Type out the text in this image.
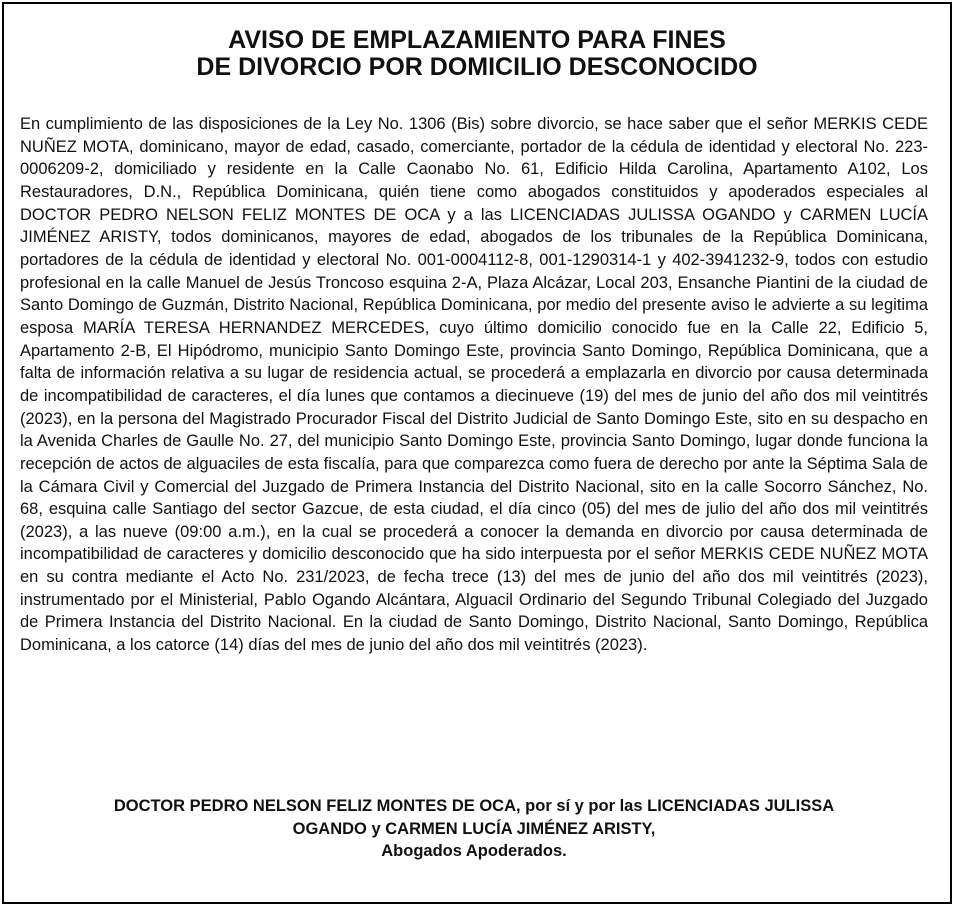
AVISO DE EMPLAZAMIENTO PARA FINES
DE DIVORCIO POR DOMICILIO DESCONOCIDO

En cumplimiento de las disposiciones de la Ley No. 1306 (Bis) sobre divorcio, se hace saber que el señor MERKIS CEDE NUÑEZ MOTA, dominicano, mayor de edad, casado, comerciante, portador de la cédula de identidad y electoral No. 223-0006209-2, domiciliado y residente en la Calle Caonabo No. 61, Edificio Hilda Carolina, Apartamento A102, Los Restauradores, D.N., República Dominicana, quién tiene como abogados constituidos y apoderados especiales al DOCTOR PEDRO NELSON FELIZ MONTES DE OCA y a las LICENCIADAS JULISSA OGANDO y CARMEN LUCÍA JIMÉNEZ ARISTY, todos dominicanos, mayores de edad, abogados de los tribunales de la República Dominicana, portadores de la cédula de identidad y electoral No. 001-0004112-8, 001-1290314-1 y 402-3941232-9, todos con estudio profesional en la calle Manuel de Jesús Troncoso esquina 2-A, Plaza Alcázar, Local 203, Ensanche Piantini de la ciudad de Santo Domingo de Guzmán, Distrito Nacional, República Dominicana, por medio del presente aviso le advierte a su legitima esposa MARÍA TERESA HERNANDEZ MERCEDES, cuyo último domicilio conocido fue en la Calle 22, Edificio 5, Apartamento 2-B, El Hipódromo, municipio Santo Domingo Este, provincia Santo Domingo, República Dominicana, que a falta de información relativa a su lugar de residencia actual, se procederá a emplazarla en divorcio por causa determinada de incompatibilidad de caracteres, el día lunes que contamos a diecinueve (19) del mes de junio del año dos mil veintitrés (2023), en la persona del Magistrado Procurador Fiscal del Distrito Judicial de Santo Domingo Este, sito en su despacho en la Avenida Charles de Gaulle No. 27, del municipio Santo Domingo Este, provincia Santo Domingo, lugar donde funciona la recepción de actos de alguaciles de esta fiscalía, para que comparezca como fuera de derecho por ante la Séptima Sala de la Cámara Civil y Comercial del Juzgado de Primera Instancia del Distrito Nacional, sito en la calle Socorro Sánchez, No. 68, esquina calle Santiago del sector Gazcue, de esta ciudad, el día cinco (05) del mes de julio del año dos mil veintitrés (2023), a las nueve (09:00 a.m.), en la cual se procederá a conocer la demanda en divorcio por causa determinada de incompatibilidad de caracteres y domicilio desconocido que ha sido interpuesta por el señor MERKIS CEDE NUÑEZ MOTA en su contra mediante el Acto No. 231/2023, de fecha trece (13) del mes de junio del año dos mil veintitrés (2023), instrumentado por el Ministerial, Pablo Ogando Alcántara, Alguacil Ordinario del Segundo Tribunal Colegiado del Juzgado de Primera Instancia del Distrito Nacional. En la ciudad de Santo Domingo, Distrito Nacional, Santo Domingo, República Dominicana, a los catorce (14) días del mes de junio del año dos mil veintitrés (2023).

DOCTOR PEDRO NELSON FELIZ MONTES DE OCA, por sí y por las LICENCIADAS JULISSA
OGANDO y CARMEN LUCÍA JIMÉNEZ ARISTY,
Abogados Apoderados.
